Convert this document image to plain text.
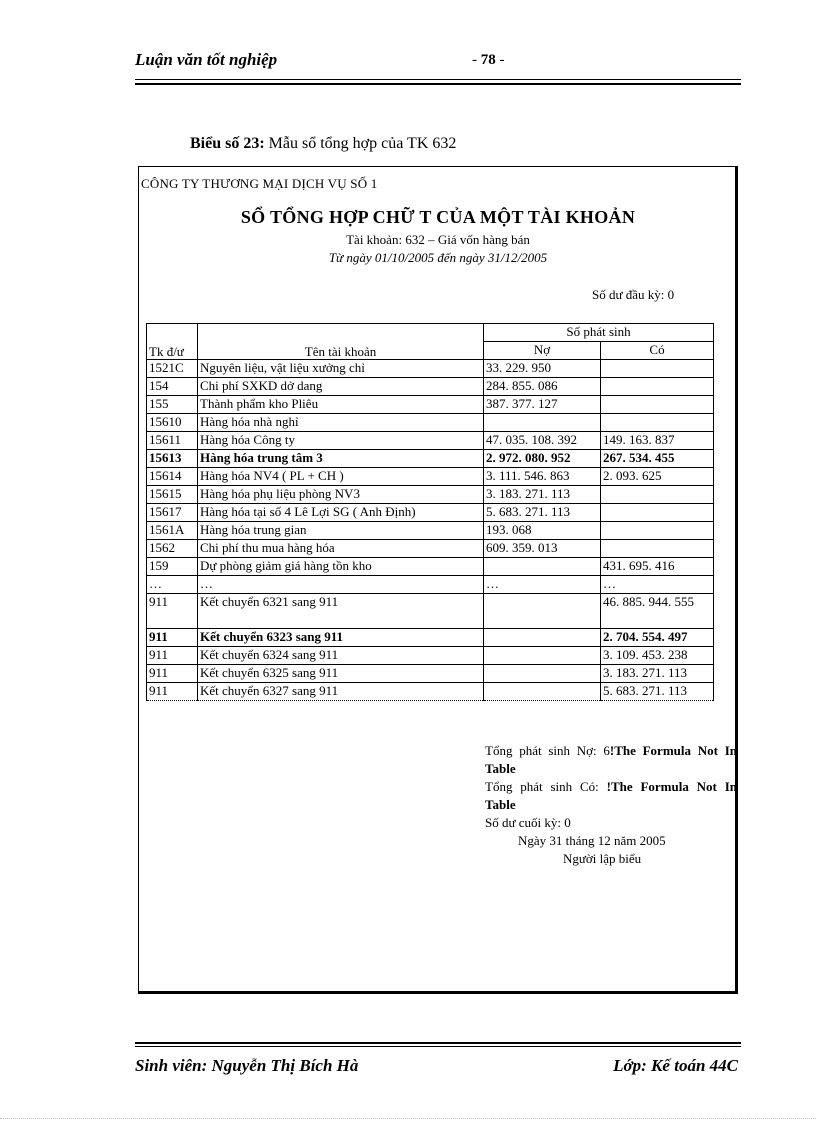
Luận văn tốt nghiệp	- 78 -
Biểu số 23: Mẫu sổ tổng hợp của TK 632
CÔNG TY THƯƠNG MẠI DỊCH VỤ SỐ 1
SỔ TỔNG HỢP CHỮ T CỦA MỘT TÀI KHOẢN
Tài khoản: 632 – Giá vốn hàng bán
Từ ngày 01/10/2005 đến ngày 31/12/2005
Số dư đầu kỳ: 0
Tk đ/ư	Tên tài khoản	Số phát sinh	
		Nợ	Có
1521C	Nguyên liệu, vật liệu xưởng chỉ	33. 229. 950	
154	Chi phí SXKD dở dang	284. 855. 086	
155	Thành phẩm kho Pliêu	387. 377. 127	
15610	Hàng hóa nhà nghỉ		
15611	Hàng hóa Công ty	47. 035. 108. 392	149. 163. 837
15613	Hàng hóa trung tâm 3	2. 972. 080. 952	267. 534. 455
15614	Hàng hóa NV4 ( PL + CH )	3. 111. 546. 863	2. 093. 625
15615	Hàng hóa phụ liệu phòng NV3	3. 183. 271. 113	
15617	Hàng hóa tại số 4 Lê Lợi SG ( Anh Định)	5. 683. 271. 113	
1561A	Hàng hóa trung gian	193. 068	
1562	Chi phí thu mua hàng hóa	609. 359. 013	
159	Dự phòng giảm giá hàng tồn kho		431. 695. 416
…	…	…	…
911	Kết chuyển 6321 sang 911		46. 885. 944. 555
911	Kết chuyển 6323 sang 911		2. 704. 554. 497
911	Kết chuyển 6324 sang 911		3. 109. 453. 238
911	Kết chuyển 6325 sang 911		3. 183. 271. 113
911	Kết chuyển 6327 sang 911		5. 683. 271. 113
Tổng phát sinh Nợ: 6!The Formula Not In Table
Tổng phát sinh Có: !The Formula Not In Table
Số dư cuối kỳ: 0
Ngày 31 tháng 12 năm 2005
Người lập biểu
Sinh viên: Nguyễn Thị Bích Hà	Lớp: Kế toán 44C
